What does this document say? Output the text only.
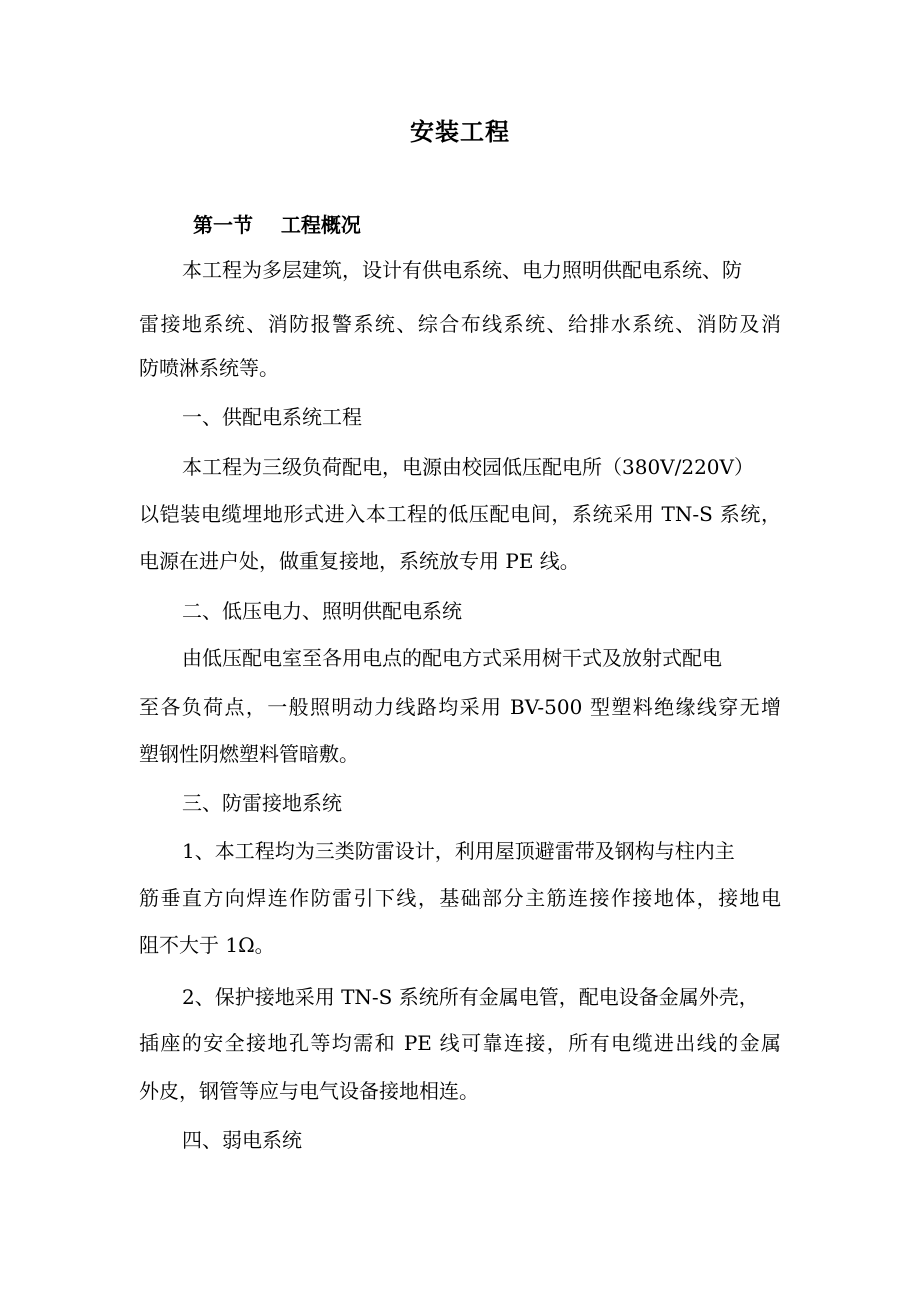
安装工程
第一节    工程概况
本工程为多层建筑，设计有供电系统、电力照明供配电系统、防
雷接地系统、消防报警系统、综合布线系统、给排水系统、消防及消
防喷淋系统等。
一、供配电系统工程
本工程为三级负荷配电，电源由校园低压配电所（380V/220V）
以铠装电缆埋地形式进入本工程的低压配电间，系统采用 TN-S 系统，
电源在进户处，做重复接地，系统放专用 PE 线。
二、低压电力、照明供配电系统
由低压配电室至各用电点的配电方式采用树干式及放射式配电
至各负荷点，一般照明动力线路均采用 BV-500 型塑料绝缘线穿无增
塑钢性阴燃塑料管暗敷。
三、防雷接地系统
1、本工程均为三类防雷设计，利用屋顶避雷带及钢构与柱内主
筋垂直方向焊连作防雷引下线，基础部分主筋连接作接地体，接地电
阻不大于 1Ω。
2、保护接地采用 TN-S 系统所有金属电管，配电设备金属外壳，
插座的安全接地孔等均需和 PE 线可靠连接，所有电缆进出线的金属
外皮，钢管等应与电气设备接地相连。
四、弱电系统
